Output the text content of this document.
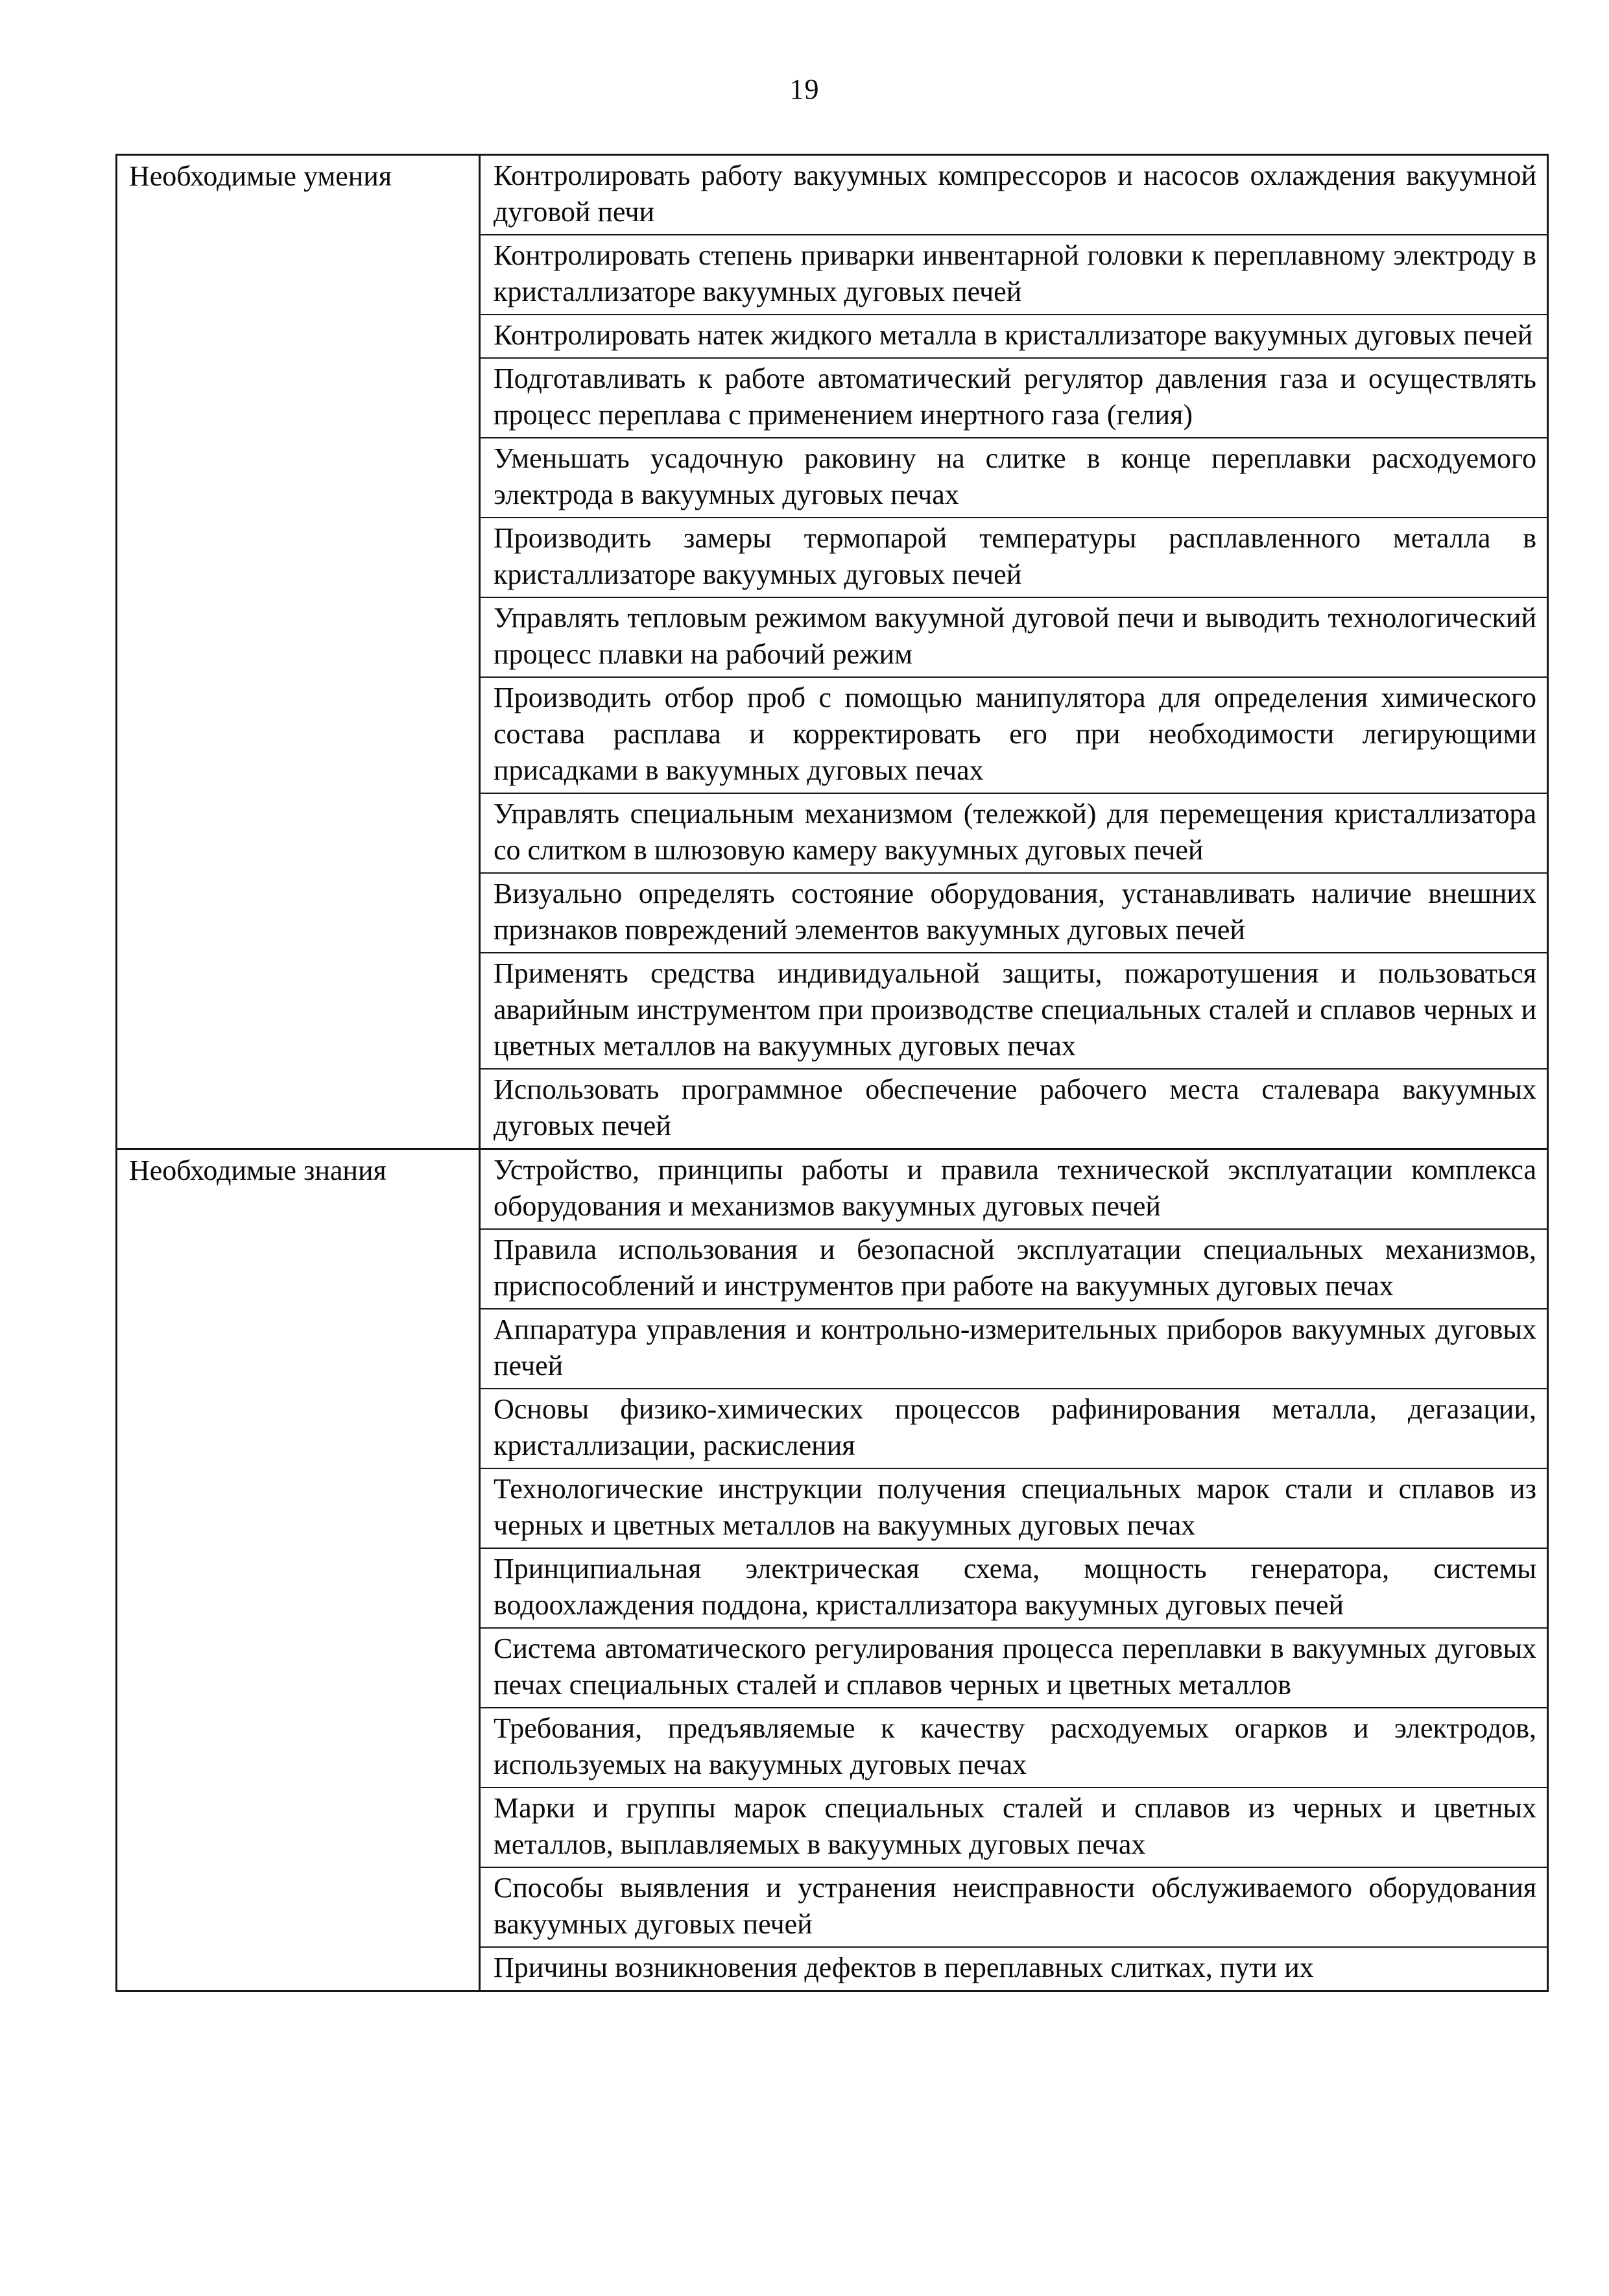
19
Необходимые умения	Контролировать работу вакуумных компрессоров и насосов охлаждения вакуумной дуговой печи
Контролировать степень приварки инвентарной головки к переплавному электроду в кристаллизаторе вакуумных дуговых печей
Контролировать натек жидкого металла в кристаллизаторе вакуумных дуговых печей
Подготавливать к работе автоматический регулятор давления газа и осуществлять процесс переплава с применением инертного газа (гелия)
Уменьшать усадочную раковину на слитке в конце переплавки расходуемого электрода в вакуумных дуговых печах
Производить замеры термопарой температуры расплавленного металла в кристаллизаторе вакуумных дуговых печей
Управлять тепловым режимом вакуумной дуговой печи и выводить технологический процесс плавки на рабочий режим
Производить отбор проб с помощью манипулятора для определения химического состава расплава и корректировать его при необходимости легирующими присадками в вакуумных дуговых печах
Управлять специальным механизмом (тележкой) для перемещения кристаллизатора со слитком в шлюзовую камеру вакуумных дуговых печей
Визуально определять состояние оборудования, устанавливать наличие внешних признаков повреждений элементов вакуумных дуговых печей
Применять средства индивидуальной защиты, пожаротушения и пользоваться аварийным инструментом при производстве специальных сталей и сплавов черных и цветных металлов на вакуумных дуговых печах
Использовать программное обеспечение рабочего места сталевара вакуумных дуговых печей
Необходимые знания	Устройство, принципы работы и правила технической эксплуатации комплекса оборудования и механизмов вакуумных дуговых печей
Правила использования и безопасной эксплуатации специальных механизмов, приспособлений и инструментов при работе на вакуумных дуговых печах
Аппаратура управления и контрольно-измерительных приборов вакуумных дуговых печей
Основы физико-химических процессов рафинирования металла, дегазации, кристаллизации, раскисления
Технологические инструкции получения специальных марок стали и сплавов из черных и цветных металлов на вакуумных дуговых печах
Принципиальная электрическая схема, мощность генератора, системы водоохлаждения поддона, кристаллизатора вакуумных дуговых печей
Система автоматического регулирования процесса переплавки в вакуумных дуговых печах специальных сталей и сплавов черных и цветных металлов
Требования, предъявляемые к качеству расходуемых огарков и электродов, используемых на вакуумных дуговых печах
Марки и группы марок специальных сталей и сплавов из черных и цветных металлов, выплавляемых в вакуумных дуговых печах
Способы выявления и устранения неисправности обслуживаемого оборудования вакуумных дуговых печей
Причины возникновения дефектов в переплавных слитках, пути их
